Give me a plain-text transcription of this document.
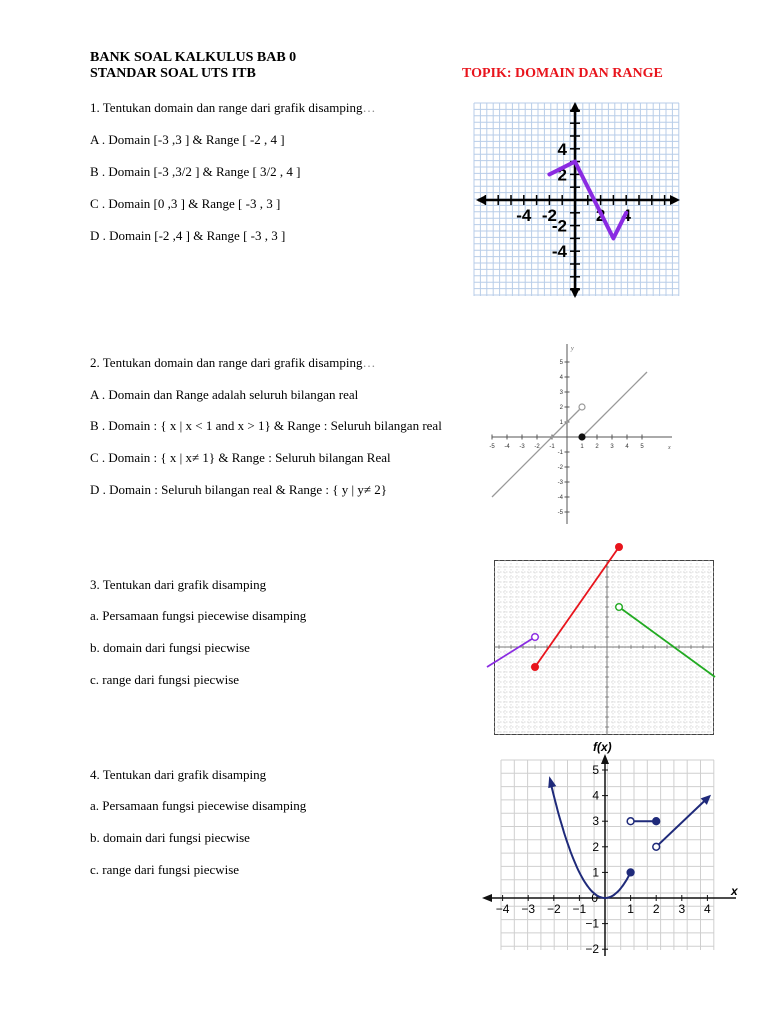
BANK SOAL KALKULUS BAB 0
STANDAR SOAL UTS ITB	TOPIK: DOMAIN DAN RANGE
1. Tentukan domain dan range dari grafik disamping…
A . Domain [-3 ,3 ] & Range [ -2 , 4 ]
B . Domain [-3 ,3/2 ] & Range [ 3/2 , 4 ]
C . Domain [0 ,3 ] & Range [ -3 , 3 ]
D . Domain [-2 ,4 ] & Range [ -3 , 3 ]
-4 -2 2 4
4
2
-2
-4
2. Tentukan domain dan range dari grafik disamping…
A . Domain dan Range adalah seluruh bilangan real
B . Domain : { x | x < 1 and x > 1} & Range : Seluruh bilangan real
C . Domain : { x | x≠ 1} & Range : Seluruh bilangan Real
D . Domain : Seluruh bilangan real & Range : { y | y≠ 2}
y
x
-5 -4 -3 -2 -1	1 2 3 4 5
5
4
3
2
1
-1
-2
-3
-4
-5
3. Tentukan dari grafik disamping
a. Persamaan fungsi piecewise disamping
b. domain dari fungsi piecwise
c. range dari fungsi piecwise
4. Tentukan dari grafik disamping
a. Persamaan fungsi piecewise disamping
b. domain dari fungsi piecwise
c. range dari fungsi piecwise
f(x)
x
−4 −3 −2 −1	1 2 3 4
5
4
3
2
1
−1
−2
0
